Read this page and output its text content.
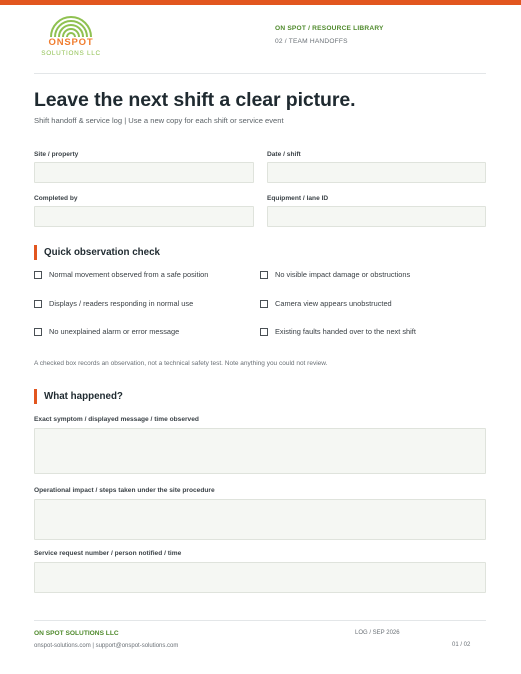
ONSPOT
SOLUTIONS LLC
ON SPOT / RESOURCE LIBRARY
02 / TEAM HANDOFFS
Leave the next shift a clear picture.
Shift handoff & service log | Use a new copy for each shift or service event
Site / property	Date / shift
Completed by	Equipment / lane ID
Quick observation check
Normal movement observed from a safe position	No visible impact damage or obstructions
Displays / readers responding in normal use	Camera view appears unobstructed
No unexplained alarm or error message	Existing faults handed over to the next shift
A checked box records an observation, not a technical safety test. Note anything you could not review.
What happened?
Exact symptom / displayed message / time observed
Operational impact / steps taken under the site procedure
Service request number / person notified / time
ON SPOT SOLUTIONS LLC
onspot-solutions.com | support@onspot-solutions.com
LOG / SEP 2026
01 / 02
